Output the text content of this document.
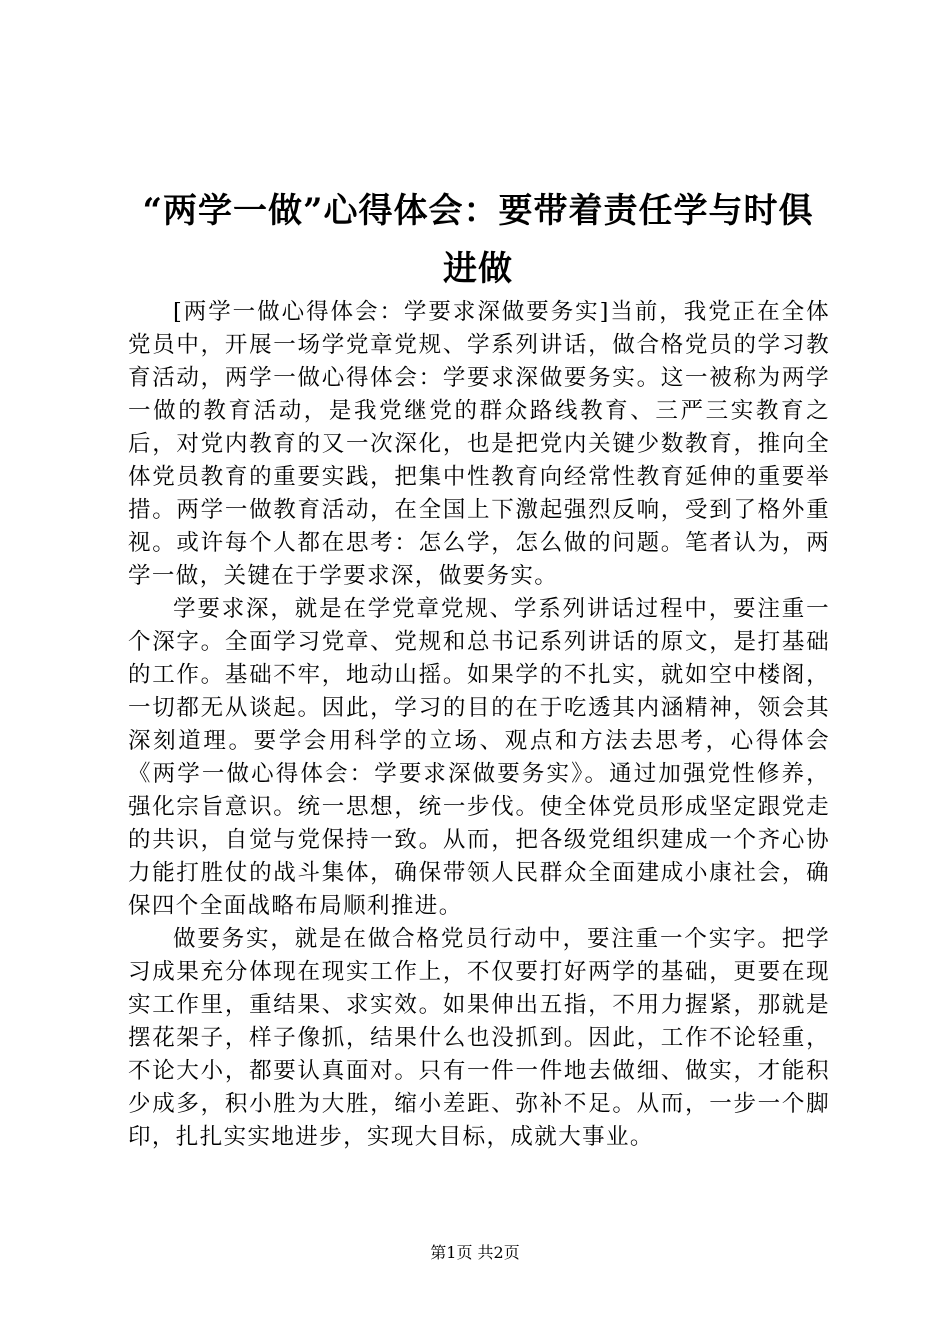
“两学一做”心得体会：要带着责任学与时俱进做

[两学一做心得体会：学要求深做要务实]当前，我党正在全体党员中，开展一场学党章党规、学系列讲话，做合格党员的学习教育活动，两学一做心得体会：学要求深做要务实。这一被称为两学一做的教育活动，是我党继党的群众路线教育、三严三实教育之后，对党内教育的又一次深化，也是把党内关键少数教育，推向全体党员教育的重要实践，把集中性教育向经常性教育延伸的重要举措。两学一做教育活动，在全国上下激起强烈反响，受到了格外重视。或许每个人都在思考：怎么学，怎么做的问题。笔者认为，两学一做，关键在于学要求深，做要务实。

学要求深，就是在学党章党规、学系列讲话过程中，要注重一个深字。全面学习党章、党规和总书记系列讲话的原文，是打基础的工作。基础不牢，地动山摇。如果学的不扎实，就如空中楼阁，一切都无从谈起。因此，学习的目的在于吃透其内涵精神，领会其深刻道理。要学会用科学的立场、观点和方法去思考，心得体会《两学一做心得体会：学要求深做要务实》。通过加强党性修养，强化宗旨意识。统一思想，统一步伐。使全体党员形成坚定跟党走的共识，自觉与党保持一致。从而，把各级党组织建成一个齐心协力能打胜仗的战斗集体，确保带领人民群众全面建成小康社会，确保四个全面战略布局顺利推进。

做要务实，就是在做合格党员行动中，要注重一个实字。把学习成果充分体现在现实工作上，不仅要打好两学的基础，更要在现实工作里，重结果、求实效。如果伸出五指，不用力握紧，那就是摆花架子，样子像抓，结果什么也没抓到。因此，工作不论轻重，不论大小，都要认真面对。只有一件一件地去做细、做实，才能积少成多，积小胜为大胜，缩小差距、弥补不足。从而，一步一个脚印，扎扎实实地进步，实现大目标，成就大事业。

第1页 共2页
